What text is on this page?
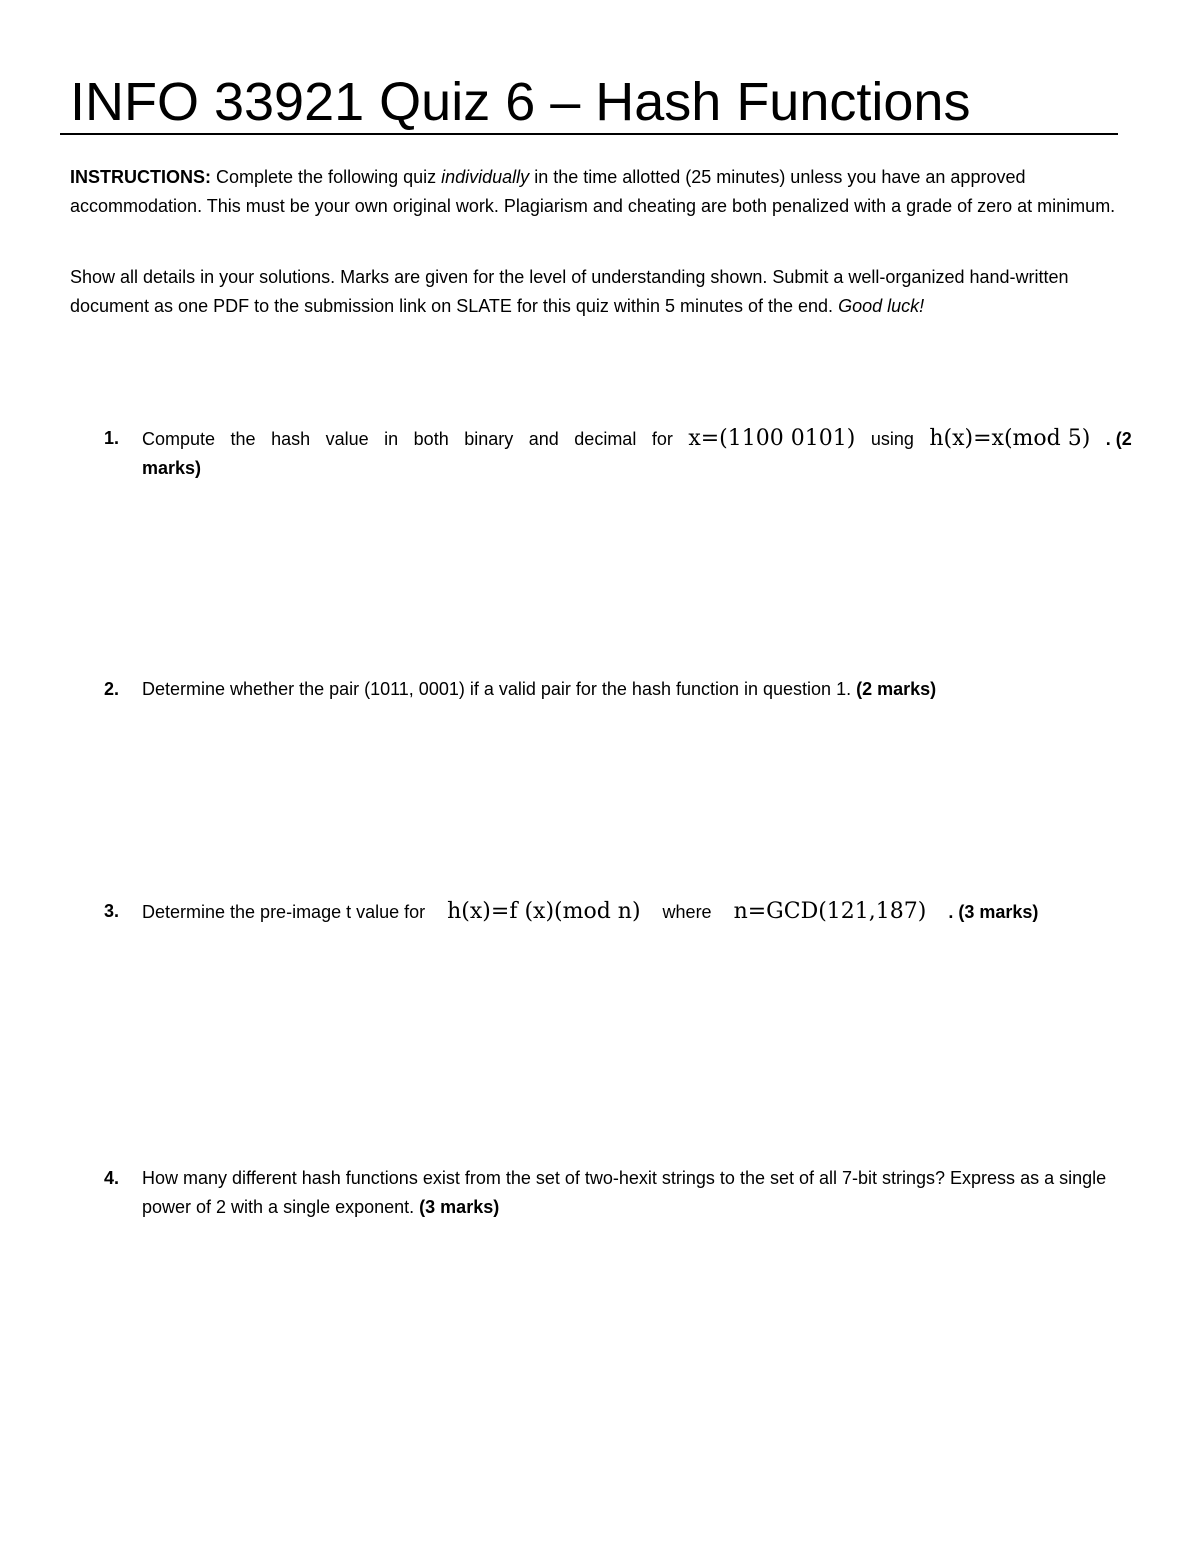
INFO 33921 Quiz 6 – Hash Functions
INSTRUCTIONS: Complete the following quiz individually in the time allotted (25 minutes) unless you have an approved accommodation. This must be your own original work. Plagiarism and cheating are both penalized with a grade of zero at minimum.
Show all details in your solutions. Marks are given for the level of understanding shown. Submit a well-organized hand-written document as one PDF to the submission link on SLATE for this quiz within 5 minutes of the end. Good luck!
1. Compute the hash value in both binary and decimal for x=(1100 0101) using h(x)=x(mod 5) . (2
marks)
2. Determine whether the pair (1011, 0001) if a valid pair for the hash function in question 1. (2 marks)
3. Determine the pre-image t value for h(x)=f (x)(mod n) where n=GCD(121,187) . (3 marks)
4. How many different hash functions exist from the set of two-hexit strings to the set of all 7-bit strings? Express as a single power of 2 with a single exponent. (3 marks)
